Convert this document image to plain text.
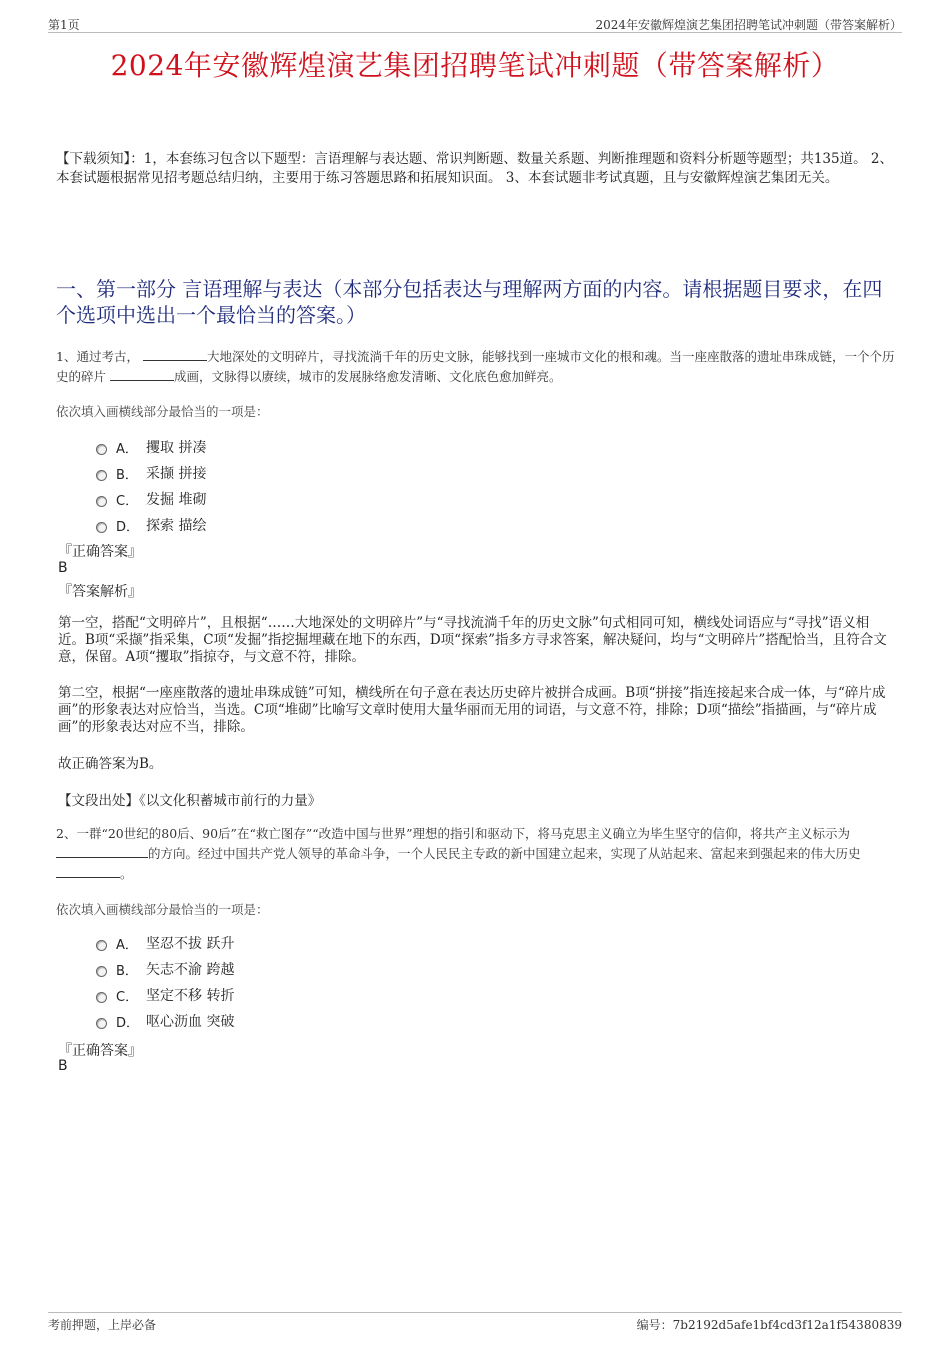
第1页	2024年安徽辉煌演艺集团招聘笔试冲刺题（带答案解析）
2024年安徽辉煌演艺集团招聘笔试冲刺题（带答案解析）
【下载须知】：1，本套练习包含以下题型：言语理解与表达题、常识判断题、数量关系题、判断推理题和资料分析题等题型；共135道。 2、本套试题根据常见招考题总结归纳，主要用于练习答题思路和拓展知识面。 3、本套试题非考试真题，且与安徽辉煌演艺集团无关。
一、第一部分 言语理解与表达（本部分包括表达与理解两方面的内容。请根据题目要求，在四个选项中选出一个最恰当的答案。）
1、通过考古，	大地深处的文明碎片，寻找流淌千年的历史文脉，能够找到一座城市文化的根和魂。当一座座散落的遗址串珠成链，一个个历史的碎片	成画，文脉得以赓续，城市的发展脉络愈发清晰、文化底色愈加鲜亮。
依次填入画横线部分最恰当的一项是：
A． 攫取 拼凑
B． 采撷 拼接
C． 发掘 堆砌
D． 探索 描绘
『正确答案』
B
『答案解析』
第一空，搭配“文明碎片”，且根据“……大地深处的文明碎片”与“寻找流淌千年的历史文脉”句式相同可知，横线处词语应与“寻找”语义相近。B项“采撷”指采集，C项“发掘”指挖掘埋藏在地下的东西，D项“探索”指多方寻求答案，解决疑问，均与“文明碎片”搭配恰当，且符合文意，保留。A项“攫取”指掠夺，与文意不符，排除。
第二空，根据“一座座散落的遗址串珠成链”可知，横线所在句子意在表达历史碎片被拼合成画。B项“拼接”指连接起来合成一体，与“碎片成画”的形象表达对应恰当，当选。C项“堆砌”比喻写文章时使用大量华丽而无用的词语，与文意不符，排除；D项“描绘”指描画，与“碎片成画”的形象表达对应不当，排除。
故正确答案为B。
【文段出处】《以文化积蓄城市前行的力量》
2、一群“20世纪的80后、90后”在“救亡图存”“改造中国与世界”理想的指引和驱动下，将马克思主义确立为毕生坚守的信仰，将共产主义标示为
的方向。经过中国共产党人领导的革命斗争，一个人民民主专政的新中国建立起来，实现了从站起来、富起来到强起来的伟大历史 。
依次填入画横线部分最恰当的一项是：
A． 坚忍不拔 跃升
B． 矢志不渝 跨越
C． 坚定不移 转折
D． 呕心沥血 突破
『正确答案』
B
考前押题，上岸必备	编号：7b2192d5afe1bf4cd3f12a1f54380839
